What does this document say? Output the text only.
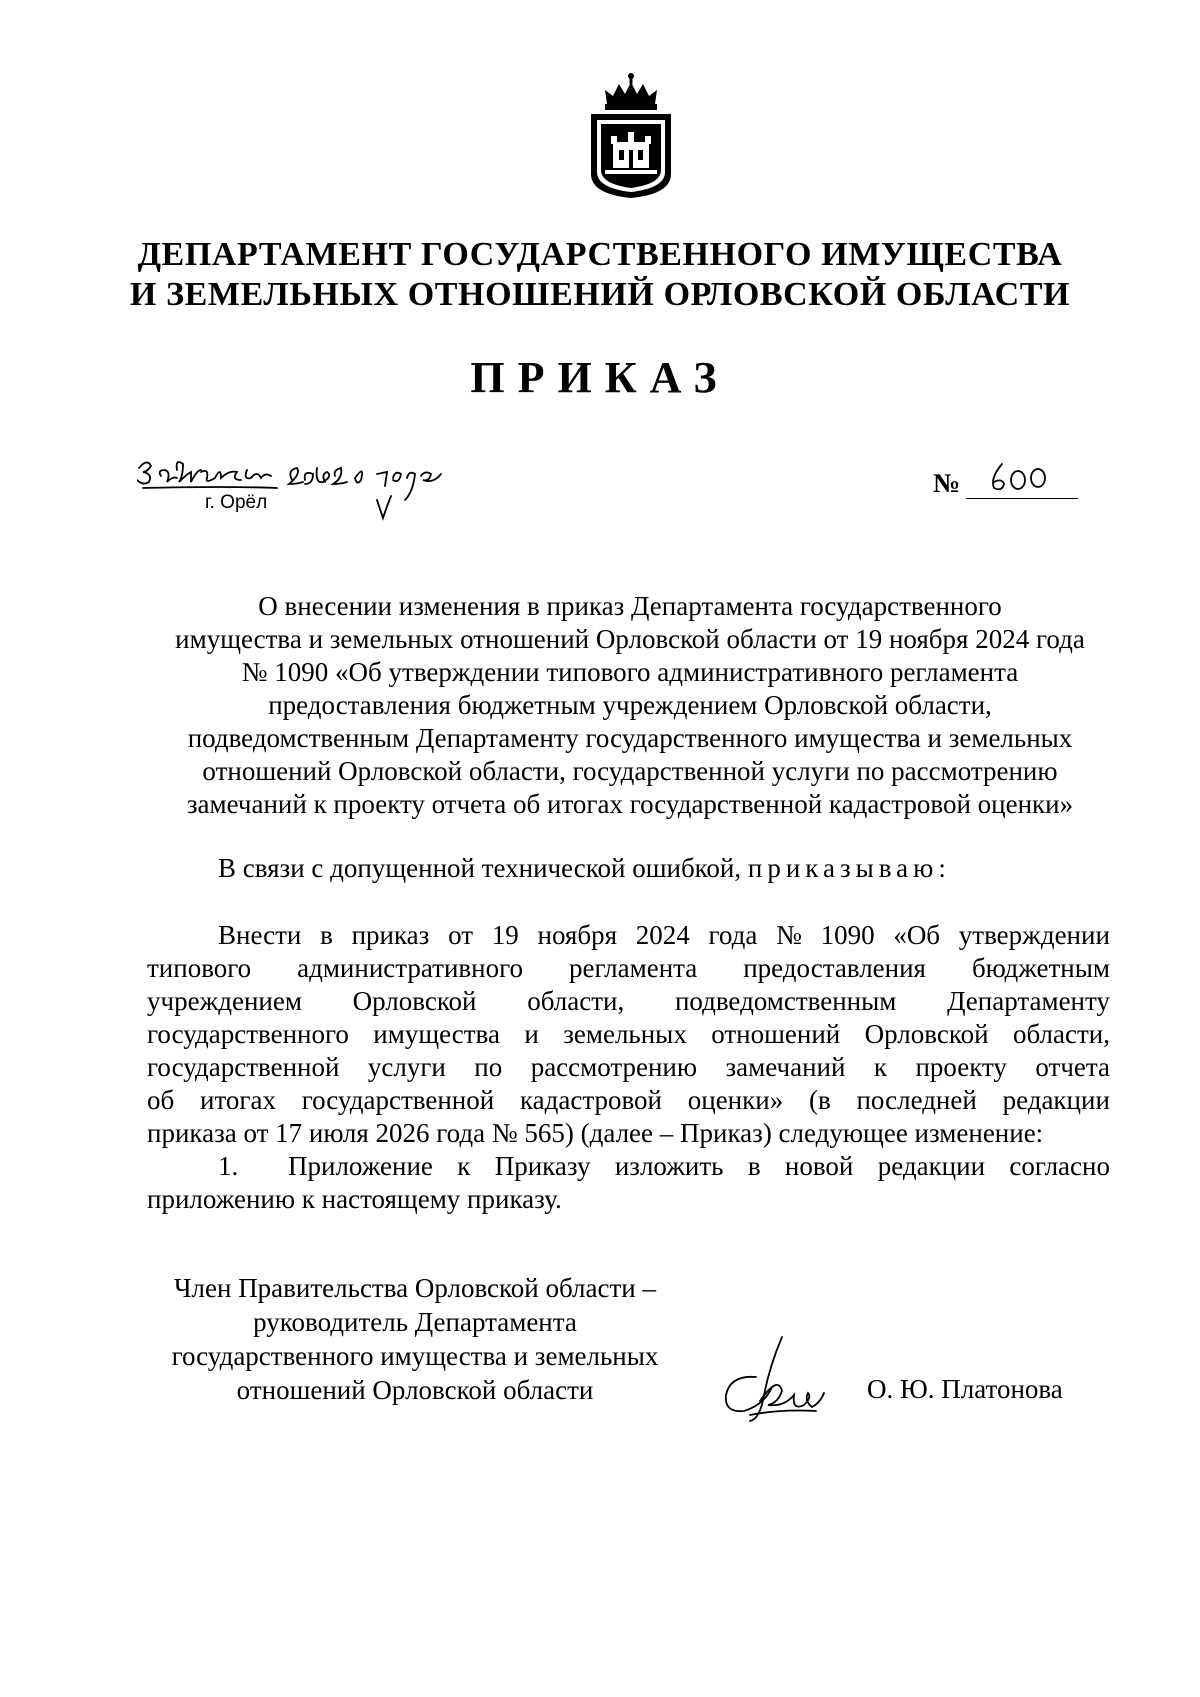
ДЕПАРТАМЕНТ ГОСУДАРСТВЕННОГО ИМУЩЕСТВА
И ЗЕМЕЛЬНЫХ ОТНОШЕНИЙ ОРЛОВСКОЙ ОБЛАСТИ
ПРИКАЗ
г. Орёл
№
О внесении изменения в приказ Департамента государственного
имущества и земельных отношений Орловской области от 19 ноября 2024 года
№ 1090 «Об утверждении типового административного регламента
предоставления бюджетным учреждением Орловской области,
подведомственным Департаменту государственного имущества и земельных
отношений Орловской области, государственной услуги по рассмотрению
замечаний к проекту отчета об итогах государственной кадастровой оценки»
В связи с допущенной технической ошибкой, приказываю:
Внести в приказ от 19 ноября 2024 года № 1090 «Об утверждении
типового административного регламента предоставления бюджетным
учреждением Орловской области, подведомственным Департаменту
государственного имущества и земельных отношений Орловской области,
государственной услуги по рассмотрению замечаний к проекту отчета
об итогах государственной кадастровой оценки» (в последней редакции
приказа от 17 июля 2026 года № 565) (далее – Приказ) следующее изменение:
1.	Приложение к Приказу изложить в новой редакции согласно
приложению к настоящему приказу.
Член Правительства Орловской области –
руководитель Департамента
государственного имущества и земельных
отношений Орловской области	О. Ю. Платонова
